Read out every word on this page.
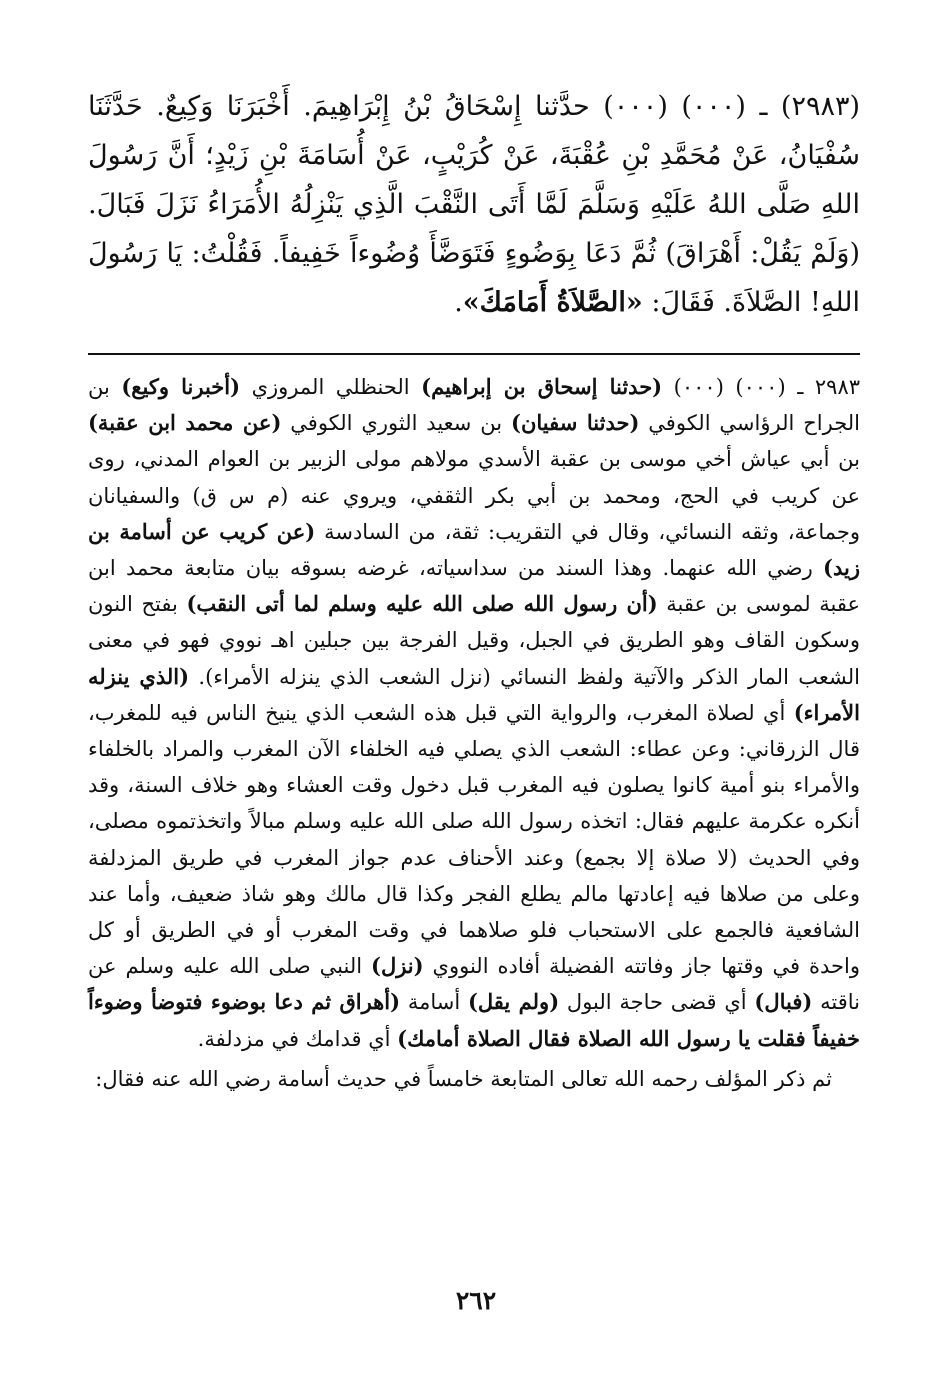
(٢٩٨٣) ـ (٠٠٠) (٠٠٠) حدَّثنا إِسْحَاقُ بْنُ إِبْرَاهِيمَ. أَخْبَرَنَا وَكِيعٌ. حَدَّثَنَا سُفْيَانُ، عَنْ مُحَمَّدِ بْنِ عُقْبَةَ، عَنْ كُرَيْبٍ، عَنْ أُسَامَةَ بْنِ زَيْدٍ؛ أَنَّ رَسُولَ اللهِ صَلَّى اللهُ عَلَيْهِ وَسَلَّمَ لَمَّا أَتَى النَّقْبَ الَّذِي يَنْزِلُهُ الأُمَرَاءُ نَزَلَ فَبَالَ. (وَلَمْ يَقُلْ: أَهْرَاقَ) ثُمَّ دَعَا بِوَضُوءٍ فَتَوَضَّأَ وُضُوءاً خَفِيفاً. فَقُلْتُ: يَا رَسُولَ اللهِ! الصَّلاَةَ. فَقَالَ: «الصَّلاَةُ أَمَامَكَ».

٢٩٨٣ ـ (٠٠٠) (٠٠٠) (حدثنا إسحاق بن إبراهيم) الحنظلي المروزي (أخبرنا وكيع) بن الجراح الرؤاسي الكوفي (حدثنا سفيان) بن سعيد الثوري الكوفي (عن محمد ابن عقبة) بن أبي عياش أخي موسى بن عقبة الأسدي مولاهم مولى الزبير بن العوام المدني، روى عن كريب في الحج، ومحمد بن أبي بكر الثقفي، ويروي عنه (م س ق) والسفيانان وجماعة، وثقه النسائي، وقال في التقريب: ثقة، من السادسة (عن كريب عن أسامة بن زيد) رضي الله عنهما. وهذا السند من سداسياته، غرضه بسوقه بيان متابعة محمد ابن عقبة لموسى بن عقبة (أن رسول الله صلى الله عليه وسلم لما أتى النقب) بفتح النون وسكون القاف وهو الطريق في الجبل، وقيل الفرجة بين جبلين اهـ نووي فهو في معنى الشعب المار الذكر والآتية ولفظ النسائي (نزل الشعب الذي ينزله الأمراء). (الذي ينزله الأمراء) أي لصلاة المغرب، والرواية التي قبل هذه الشعب الذي ينيخ الناس فيه للمغرب، قال الزرقاني: وعن عطاء: الشعب الذي يصلي فيه الخلفاء الآن المغرب والمراد بالخلفاء والأمراء بنو أمية كانوا يصلون فيه المغرب قبل دخول وقت العشاء وهو خلاف السنة، وقد أنكره عكرمة عليهم فقال: اتخذه رسول الله صلى الله عليه وسلم مبالاً واتخذتموه مصلى، وفي الحديث (لا صلاة إلا بجمع) وعند الأحناف عدم جواز المغرب في طريق المزدلفة وعلى من صلاها فيه إعادتها مالم يطلع الفجر وكذا قال مالك وهو شاذ ضعيف، وأما عند الشافعية فالجمع على الاستحباب فلو صلاهما في وقت المغرب أو في الطريق أو كل واحدة في وقتها جاز وفاتته الفضيلة أفاده النووي (نزل) النبي صلى الله عليه وسلم عن ناقته (فبال) أي قضى حاجة البول (ولم يقل) أسامة (أهراق ثم دعا بوضوء فتوضأ وضوءاً خفيفاً فقلت يا رسول الله الصلاة فقال الصلاة أمامك) أي قدامك في مزدلفة.

ثم ذكر المؤلف رحمه الله تعالى المتابعة خامساً في حديث أسامة رضي الله عنه فقال:

٢٦٢
